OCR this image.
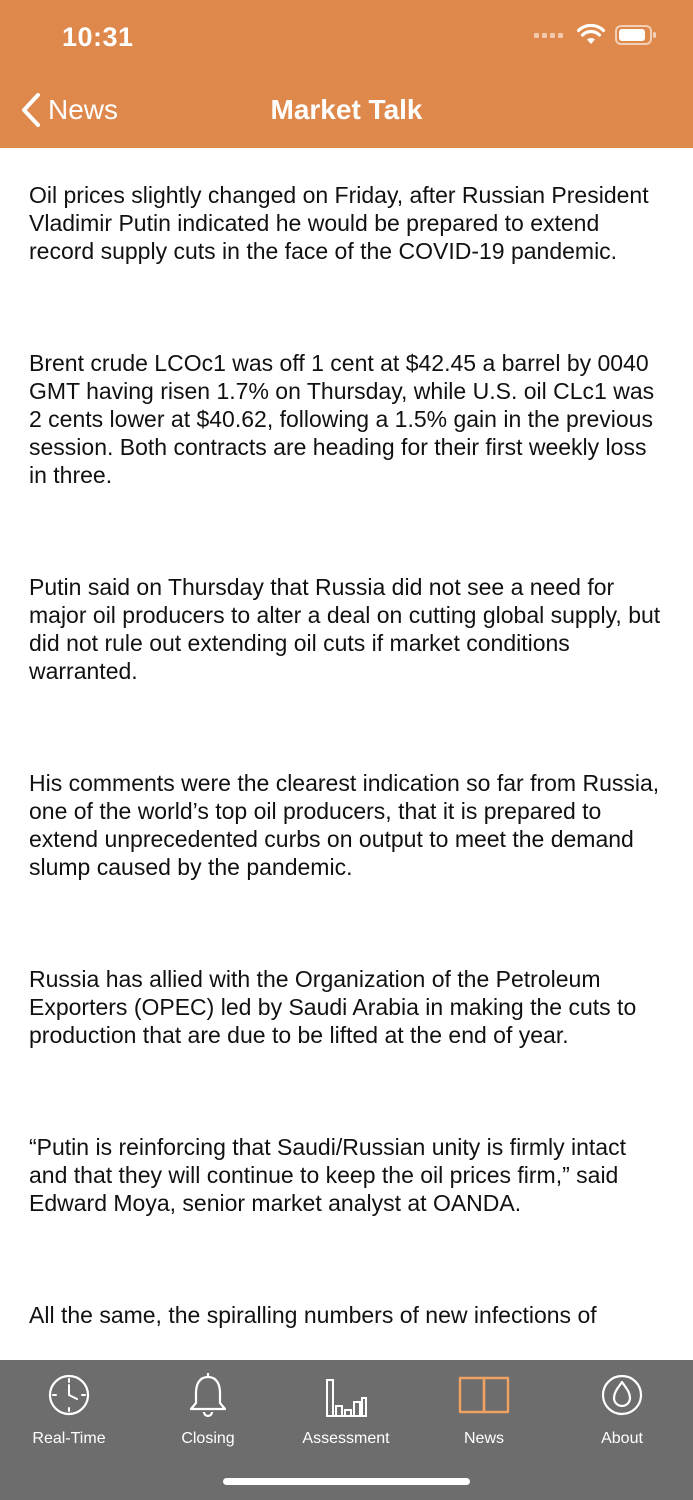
10:31
News	Market Talk

Oil prices slightly changed on Friday, after Russian President Vladimir Putin indicated he would be prepared to extend record supply cuts in the face of the COVID-19 pandemic.

Brent crude LCOc1 was off 1 cent at $42.45 a barrel by 0040 GMT having risen 1.7% on Thursday, while U.S. oil CLc1 was 2 cents lower at $40.62, following a 1.5% gain in the previous session. Both contracts are heading for their first weekly loss in three.

Putin said on Thursday that Russia did not see a need for major oil producers to alter a deal on cutting global supply, but did not rule out extending oil cuts if market conditions warranted.

His comments were the clearest indication so far from Russia, one of the world’s top oil producers, that it is prepared to extend unprecedented curbs on output to meet the demand slump caused by the pandemic.

Russia has allied with the Organization of the Petroleum Exporters (OPEC) led by Saudi Arabia in making the cuts to production that are due to be lifted at the end of year.

“Putin is reinforcing that Saudi/Russian unity is firmly intact and that they will continue to keep the oil prices firm,” said Edward Moya, senior market analyst at OANDA.

All the same, the spiralling numbers of new infections of

Real-Time	Closing	Assessment	News	About
